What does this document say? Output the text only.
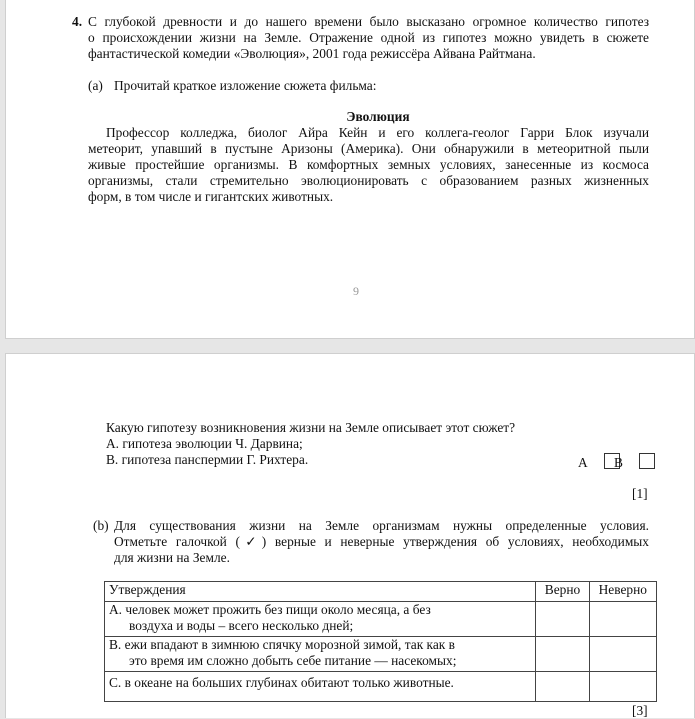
4. С глубокой древности и до нашего времени было высказано огромное количество гипотез

о происхождении жизни на Земле. Отражение одной из гипотез можно увидеть в сюжете

фантастической комедии «Эволюция», 2001 года режиссёра Айвана Райтмана.

(a) Прочитай краткое изложение сюжета фильма:

Эволюция

Профессор колледжа, биолог Айра Кейн и его коллега-геолог Гарри Блок изучали

метеорит, упавший в пустыне Аризоны (Америка). Они обнаружили в метеоритной пыли

живые простейшие организмы. В комфортных земных условиях, занесенные из космоса

организмы, стали стремительно эволюционировать с образованием разных жизненных

форм, в том числе и гигантских животных.

9

Какую гипотезу возникновения жизни на Земле описывает этот сюжет?

А. гипотеза эволюции Ч. Дарвина;

В. гипотеза панспермии Г. Рихтера.	А В

[1]

(b) Для существования жизни на Земле организмам нужны определенные условия.

Отметьте галочкой (✓) верные и неверные утверждения об условиях, необходимых

для жизни на Земле.

Утверждения	Верно	Неверно
А. человек может прожить без пищи около месяца, а без
воздуха и воды – всего несколько дней;		

В. ежи впадают в зимнюю спячку морозной зимой, так как в
это время им сложно добыть себе питание — насекомых;		

С. в океане на больших глубинах обитают только животные.		

[3]
